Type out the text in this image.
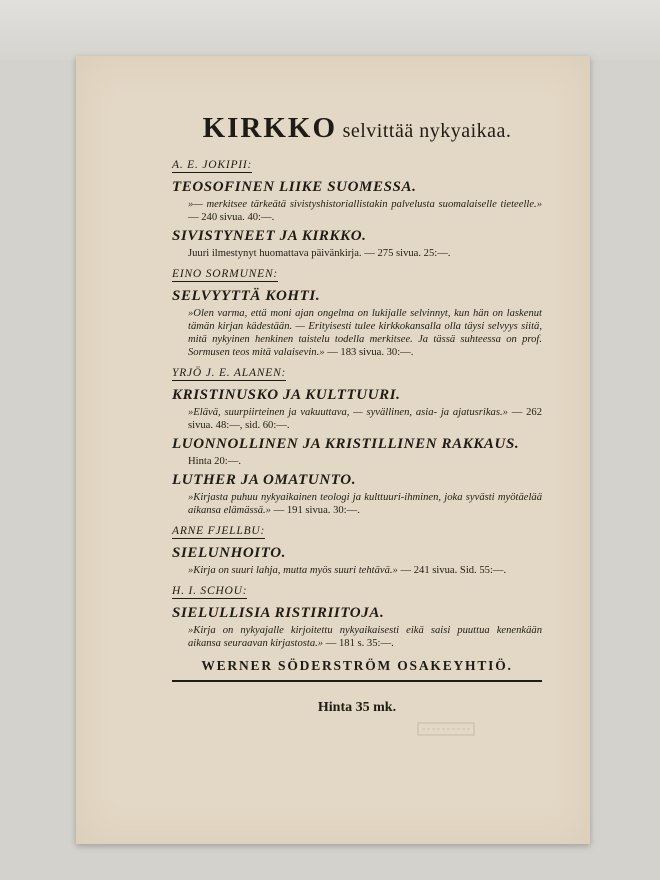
KIRKKO selvittää nykyaikaa.
A. E. JOKIPII:
TEOSOFINEN LIIKE SUOMESSA.
»— merkitsee tärkeätä sivistyshistoriallistakin palvelusta suomalaiselle tieteelle.» — 240 sivua. 40:—.
SIVISTYNEET JA KIRKKO.
Juuri ilmestynyt huomattava päivänkirja. — 275 sivua. 25:—.
EINO SORMUNEN:
SELVYYTTÄ KOHTI.
»Olen varma, että moni ajan ongelma on lukijalle selvinnyt, kun hän on laskenut tämän kirjan kädestään. — Erityisesti tulee kirkkokansalla olla täysi selvyys siitä, mitä nykyinen henkinen taistelu todella merkitsee. Ja tässä suhteessa on prof. Sormusen teos mitä valaisevin.» — 183 sivua. 30:—.
YRJÖ J. E. ALANEN:
KRISTINUSKO JA KULTTUURI.
»Elävä, suurpiirteinen ja vakuuttava, — syvällinen, asia- ja ajatusrikas.» — 262 sivua. 48:—, sid. 60:—.
LUONNOLLINEN JA KRISTILLINEN RAKKAUS.
Hinta 20:—.
LUTHER JA OMATUNTO.
»Kirjasta puhuu nykyaikainen teologi ja kulttuuri-ihminen, joka syvästi myötäelää aikansa elämässä.» — 191 sivua. 30:—.
ARNE FJELLBU:
SIELUNHOITO.
»Kirja on suuri lahja, mutta myös suuri tehtävä.» — 241 sivua. Sid. 55:—.
H. I. SCHOU:
SIELULLISIA RISTIRIITOJA.
»Kirja on nykyajalle kirjoitettu nykyaikaisesti eikä saisi puuttua kenenkään aikansa seuraavan kirjastosta.» — 181 s. 35:—.
WERNER SÖDERSTRÖM OSAKEYHTIÖ.
Hinta 35 mk.
